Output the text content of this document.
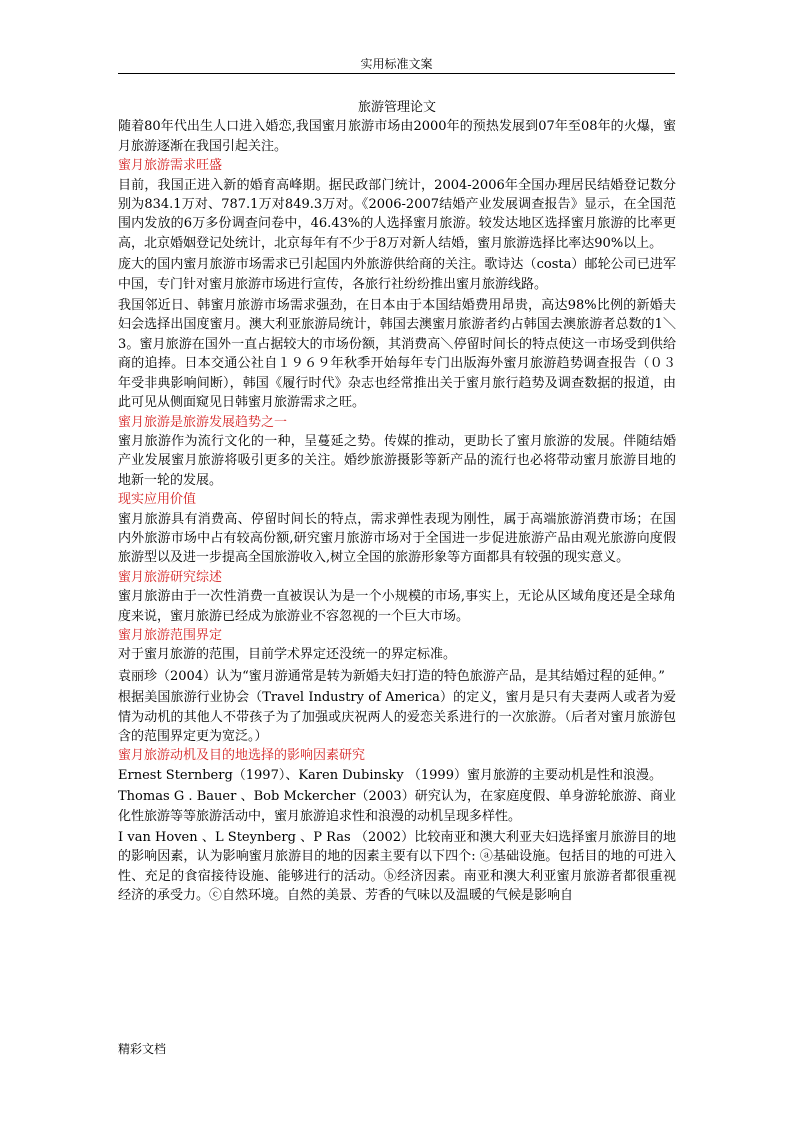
实用标准文案

旅游管理论文

随着80年代出生人口进入婚恋,我国蜜月旅游市场由2000年的预热发展到07年至08年的火爆，蜜月旅游逐渐在我国引起关注。

蜜月旅游需求旺盛

目前，我国正进入新的婚育高峰期。据民政部门统计，2004-2006年全国办理居民结婚登记数分别为834.1万对、787.1万对849.3万对。《2006-2007结婚产业发展调查报告》显示，在全国范围内发放的6万多份调查问卷中，46.43%的人选择蜜月旅游。较发达地区选择蜜月旅游的比率更高，北京婚姻登记处统计，北京每年有不少于8万对新人结婚，蜜月旅游选择比率达90%以上。

庞大的国内蜜月旅游市场需求已引起国内外旅游供给商的关注。歌诗达（costa）邮轮公司已进军中国，专门针对蜜月旅游市场进行宣传，各旅行社纷纷推出蜜月旅游线路。

我国邻近日、韩蜜月旅游市场需求强劲，在日本由于本国结婚费用昂贵，高达98%比例的新婚夫妇会选择出国度蜜月。澳大利亚旅游局统计，韩国去澳蜜月旅游者约占韩国去澳旅游者总数的1＼3。蜜月旅游在国外一直占据较大的市场份额，其消费高＼停留时间长的特点使这一市场受到供给商的追捧。日本交通公社自１９６９年秋季开始每年专门出版海外蜜月旅游趋势调查报告（０３年受非典影响间断），韩国《履行时代》杂志也经常推出关于蜜月旅行趋势及调查数据的报道，由此可见从侧面窥见日韩蜜月旅游需求之旺。

蜜月旅游是旅游发展趋势之一

蜜月旅游作为流行文化的一种，呈蔓延之势。传媒的推动，更助长了蜜月旅游的发展。伴随结婚产业发展蜜月旅游将吸引更多的关注。婚纱旅游摄影等新产品的流行也必将带动蜜月旅游目地的地新一轮的发展。

现实应用价值

蜜月旅游具有消费高、停留时间长的特点，需求弹性表现为刚性，属于高端旅游消费市场；在国内外旅游市场中占有较高份额,研究蜜月旅游市场对于全国进一步促进旅游产品由观光旅游向度假旅游型以及进一步提高全国旅游收入,树立全国的旅游形象等方面都具有较强的现实意义。

蜜月旅游研究综述

蜜月旅游由于一次性消费一直被误认为是一个小规模的市场,事实上，无论从区域角度还是全球角度来说，蜜月旅游已经成为旅游业不容忽视的一个巨大市场。

蜜月旅游范围界定

对于蜜月旅游的范围，目前学术界定还没统一的界定标准。

袁丽珍（2004）认为“蜜月游通常是转为新婚夫妇打造的特色旅游产品，是其结婚过程的延伸。”

根据美国旅游行业协会（Travel Industry of America）的定义，蜜月是只有夫妻两人或者为爱情为动机的其他人不带孩子为了加强或庆祝两人的爱恋关系进行的一次旅游。（后者对蜜月旅游包含的范围界定更为宽泛。）

蜜月旅游动机及目的地选择的影响因素研究

Ernest Sternberg（1997）、Karen Dubinsky （1999）蜜月旅游的主要动机是性和浪漫。

Thomas G . Bauer 、Bob Mckercher（2003）研究认为，在家庭度假、单身游轮旅游、商业化性旅游等等旅游活动中，蜜月旅游追求性和浪漫的动机呈现多样性。

I van Hoven 、L Steynberg 、P Ras （2002）比较南亚和澳大利亚夫妇选择蜜月旅游目的地的影响因素，认为影响蜜月旅游目的地的因素主要有以下四个: ⓐ基础设施。包括目的地的可进入性、充足的食宿接待设施、能够进行的活动。ⓑ经济因素。南亚和澳大利亚蜜月旅游者都很重视经济的承受力。ⓒ自然环境。自然的美景、芳香的气味以及温暖的气候是影响自

精彩文档
